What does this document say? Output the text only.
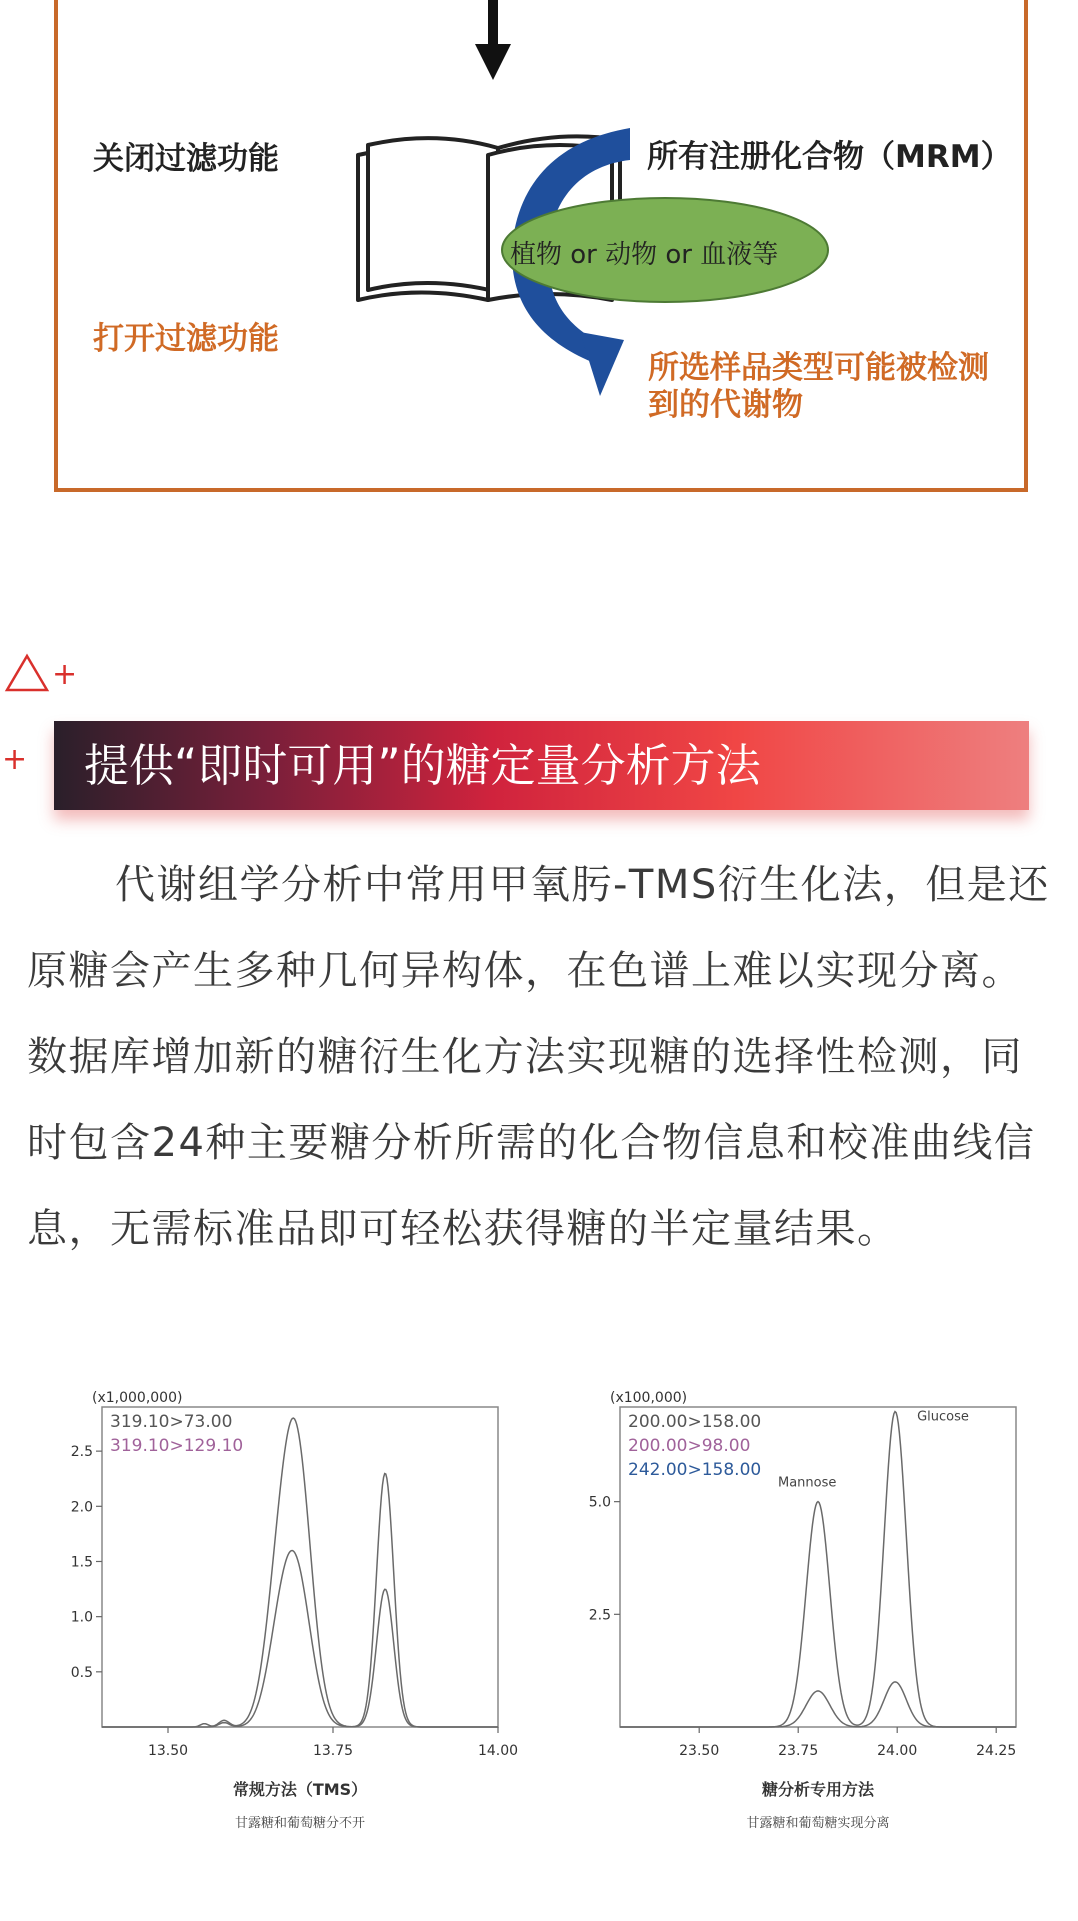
关闭过滤功能
打开过滤功能
所有注册化合物（MRM）
植物 or 动物 or 血液等
所选样品类型可能被检测
到的代谢物
+
+ 提供“即时可用”的糖定量分析方法
代谢组学分析中常用甲氧肟-TMS衍生化法，但是还原糖会产生多种几何异构体，在色谱上难以实现分离。数据库增加新的糖衍生化方法实现糖的选择性检测，同时包含24种主要糖分析所需的化合物信息和校准曲线信息，无需标准品即可轻松获得糖的半定量结果。
(x1,000,000)
0.5
1.0
1.5
2.0
2.5
13.50	13.75	14.00
319.10>73.00
319.10>129.10
常规方法（TMS）
甘露糖和葡萄糖分不开
(x100,000)
2.5
5.0
23.50	23.75	24.00	24.25
200.00>158.00
200.00>98.00
242.00>158.00
Mannose
Glucose
糖分析专用方法
甘露糖和葡萄糖实现分离
